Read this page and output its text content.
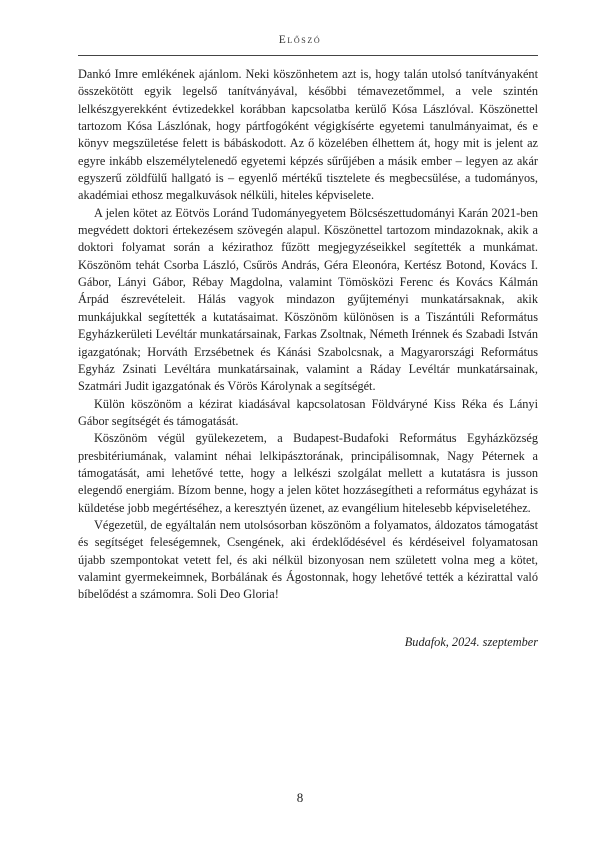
Előszó

Dankó Imre emlékének ajánlom. Neki köszönhetem azt is, hogy talán utolsó tanítványaként összekötött egyik legelső tanítványával, későbbi témavezetőmmel, a vele szintén lelkészgyerekként évtizedekkel korábban kapcsolatba kerülő Kósa Lászlóval. Köszönettel tartozom Kósa Lászlónak, hogy pártfogóként végigkísérte egyetemi tanulmányaimat, és e könyv megszületése felett is bábáskodott. Az ő közelében élhettem át, hogy mit is jelent az egyre inkább elszemélytelenedő egyetemi képzés sűrűjében a másik ember – legyen az akár egyszerű zöldfülű hallgató is – egyenlő mértékű tisztelete és megbecsülése, a tudományos, akadémiai ethosz megalkuvások nélküli, hiteles képviselete.

A jelen kötet az Eötvös Loránd Tudományegyetem Bölcsészettudományi Karán 2021-ben megvédett doktori értekezésem szövegén alapul. Köszönettel tartozom mindazoknak, akik a doktori folyamat során a kézirathoz fűzött megjegyzéseikkel segítették a munkámat. Köszönöm tehát Csorba László, Csűrös András, Géra Eleonóra, Kertész Botond, Kovács I. Gábor, Lányi Gábor, Rébay Magdolna, valamint Tömösközi Ferenc és Kovács Kálmán Árpád észrevételeit. Hálás vagyok mindazon gyűjteményi munkatársaknak, akik munkájukkal segítették a kutatásaimat. Köszönöm különösen is a Tiszántúli Református Egyházkerületi Levéltár munkatársainak, Farkas Zsoltnak, Németh Irénnek és Szabadi István igazgatónak; Horváth Erzsébetnek és Kánási Szabolcsnak, a Magyarországi Református Egyház Zsinati Levéltára munkatársainak, valamint a Ráday Levéltár munkatársainak, Szatmári Judit igazgatónak és Vörös Károlynak a segítségét.

Külön köszönöm a kézirat kiadásával kapcsolatosan Földváryné Kiss Réka és Lányi Gábor segítségét és támogatását.

Köszönöm végül gyülekezetem, a Budapest-Budafoki Református Egyházközség presbitériumának, valamint néhai lelkipásztorának, principálisomnak, Nagy Péternek a támogatását, ami lehetővé tette, hogy a lelkészi szolgálat mellett a kutatásra is jusson elegendő energiám. Bízom benne, hogy a jelen kötet hozzásegítheti a református egyházat is küldetése jobb megértéséhez, a keresztyén üzenet, az evangélium hitelesebb képviseletéhez.

Végezetül, de egyáltalán nem utolsósorban köszönöm a folyamatos, áldozatos támogatást és segítséget feleségemnek, Csengének, aki érdeklődésével és kérdéseivel folyamatosan újabb szempontokat vetett fel, és aki nélkül bizonyosan nem született volna meg a kötet, valamint gyermekeimnek, Borbálának és Ágostonnak, hogy lehetővé tették a kézirattal való bíbelődést a számomra. Soli Deo Gloria!

Budafok, 2024. szeptember
8
